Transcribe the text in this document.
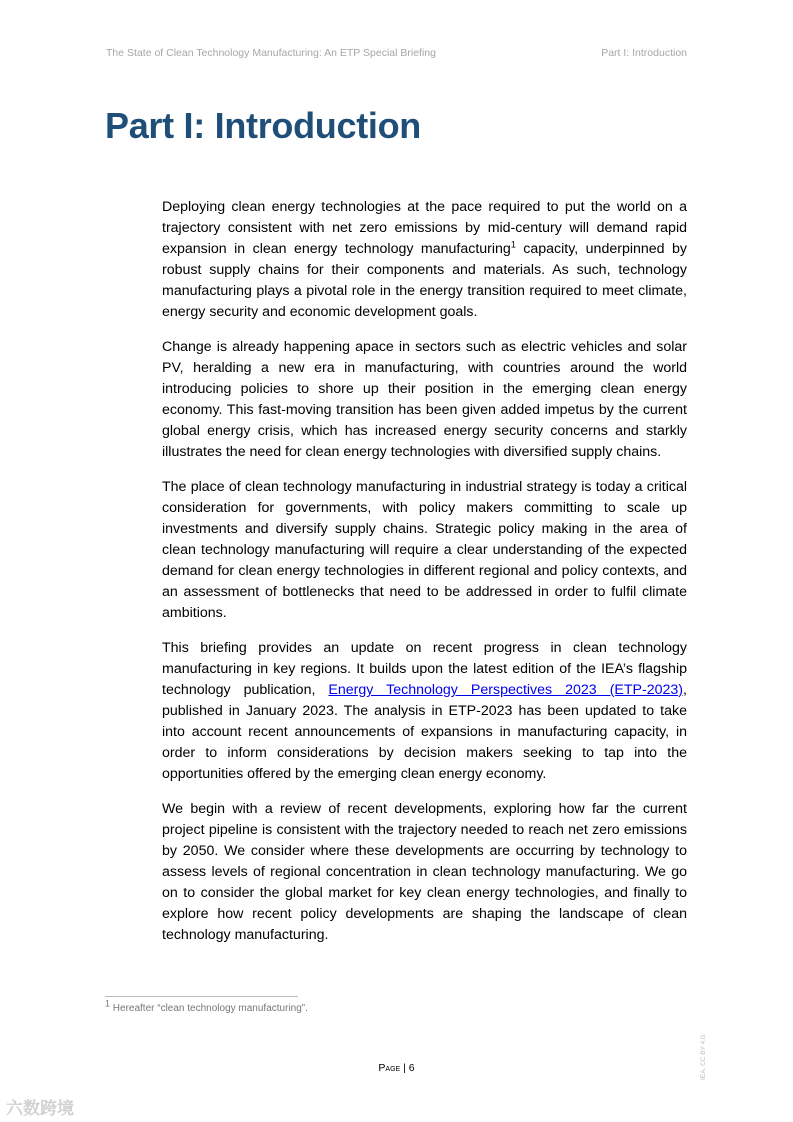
The State of Clean Technology Manufacturing: An ETP Special Briefing	Part I: Introduction
Part I: Introduction

Deploying clean energy technologies at the pace required to put the world on a trajectory consistent with net zero emissions by mid-century will demand rapid expansion in clean energy technology manufacturing$^1$ capacity, underpinned by robust supply chains for their components and materials. As such, technology manufacturing plays a pivotal role in the energy transition required to meet climate, energy security and economic development goals.

Change is already happening apace in sectors such as electric vehicles and solar PV, heralding a new era in manufacturing, with countries around the world introducing policies to shore up their position in the emerging clean energy economy. This fast-moving transition has been given added impetus by the current global energy crisis, which has increased energy security concerns and starkly illustrates the need for clean energy technologies with diversified supply chains.

The place of clean technology manufacturing in industrial strategy is today a critical consideration for governments, with policy makers committing to scale up investments and diversify supply chains. Strategic policy making in the area of clean technology manufacturing will require a clear understanding of the expected demand for clean energy technologies in different regional and policy contexts, and an assessment of bottlenecks that need to be addressed in order to fulfil climate ambitions.

This briefing provides an update on recent progress in clean technology manufacturing in key regions. It builds upon the latest edition of the IEA’s flagship technology publication, Energy Technology Perspectives 2023 (ETP-2023), published in January 2023. The analysis in ETP-2023 has been updated to take into account recent announcements of expansions in manufacturing capacity, in order to inform considerations by decision makers seeking to tap into the opportunities offered by the emerging clean energy economy.

We begin with a review of recent developments, exploring how far the current project pipeline is consistent with the trajectory needed to reach net zero emissions by 2050. We consider where these developments are occurring by technology to assess levels of regional concentration in clean technology manufacturing. We go on to consider the global market for key clean energy technologies, and finally to explore how recent policy developments are shaping the landscape of clean technology manufacturing.

$^1$ Hereafter “clean technology manufacturing”.
Page | 6	IEA. CC BY 4.0.
六数跨境
